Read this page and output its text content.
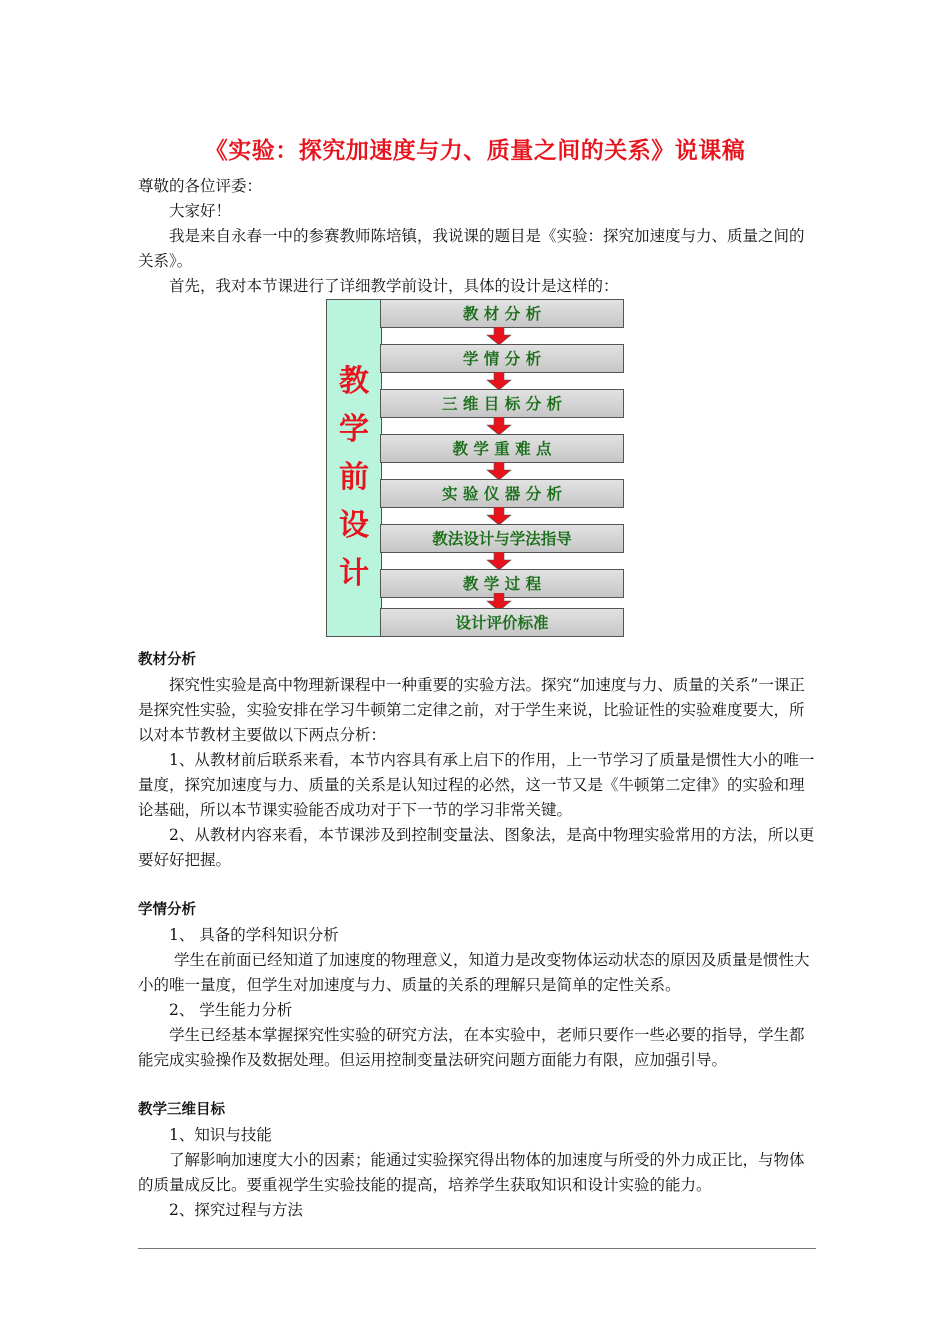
《实验：探究加速度与力、质量之间的关系》说课稿

尊敬的各位评委：

大家好！

我是来自永春一中的参赛教师陈培镇，我说课的题目是《实验：探究加速度与力、质量之间的关系》。

首先，我对本节课进行了详细教学前设计，具体的设计是这样的：

教
学
前
设
计
教 材 分 析
学 情 分 析
三 维 目 标 分 析
教 学 重 难 点
实 验 仪 器 分 析
教法设计与学法指导
教 学 过 程
设计评价标准

教材分析

探究性实验是高中物理新课程中一种重要的实验方法。探究“加速度与力、质量的关系”一课正是探究性实验，实验安排在学习牛顿第二定律之前，对于学生来说，比验证性的实验难度要大，所以对本节教材主要做以下两点分析：

1、从教材前后联系来看，本节内容具有承上启下的作用，上一节学习了质量是惯性大小的唯一量度，探究加速度与力、质量的关系是认知过程的必然，这一节又是《牛顿第二定律》的实验和理论基础，所以本节课实验能否成功对于下一节的学习非常关键。

2、从教材内容来看，本节课涉及到控制变量法、图象法，是高中物理实验常用的方法，所以更要好好把握。

学情分析

1、 具备的学科知识分析

学生在前面已经知道了加速度的物理意义，知道力是改变物体运动状态的原因及质量是惯性大小的唯一量度，但学生对加速度与力、质量的关系的理解只是简单的定性关系。

2、 学生能力分析

学生已经基本掌握探究性实验的研究方法，在本实验中，老师只要作一些必要的指导，学生都能完成实验操作及数据处理。但运用控制变量法研究问题方面能力有限，应加强引导。

教学三维目标

1、知识与技能

了解影响加速度大小的因素；能通过实验探究得出物体的加速度与所受的外力成正比，与物体的质量成反比。要重视学生实验技能的提高，培养学生获取知识和设计实验的能力。

2、探究过程与方法
